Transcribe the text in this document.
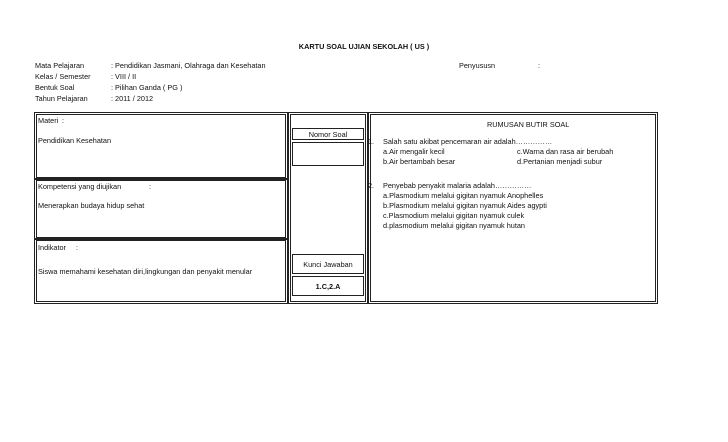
KARTU SOAL UJIAN SEKOLAH ( US )
Mata Pelajaran	: Pendidikan Jasmani, Olahraga dan Kesehatan
Kelas / Semester	: VIII / II
Bentuk Soal	: Pilihan Ganda ( PG )
Tahun Pelajaran	: 2011 / 2012
Penyususn	:
Materi :
Pendidikan Kesehatan
Kompetensi yang diujikan	:
Menerapkan budaya hidup sehat
Indikator :
Siswa memahami kesehatan diri,lingkungan dan penyakit menular
Nomor Soal
Kunci Jawaban
1.C,2.A
RUMUSAN BUTIR SOAL
1. Salah satu akibat pencemaran air adalah……………
a.Air mengalir kecil	c.Warna dan rasa air berubah
b.Air bertambah besar	d.Pertanian menjadi subur
2. Penyebab penyakit malaria adalah……………
a.Plasmodium melalui gigitan nyamuk Anophelles
b.Plasmodium melalui gigitan nyamuk Aides agypti
c.Plasmodium melalui gigitan nyamuk culek
d.plasmodium melalui gigitan nyamuk hutan
